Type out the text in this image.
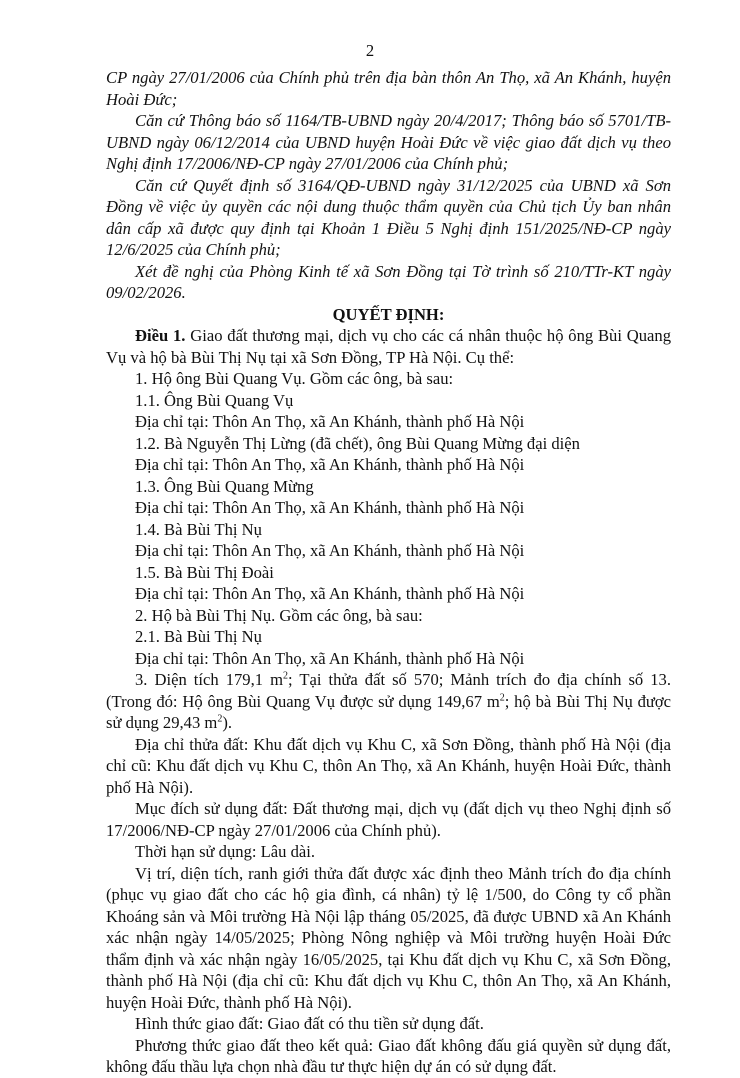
2

CP ngày 27/01/2006 của Chính phủ trên địa bàn thôn An Thọ, xã An Khánh, huyện Hoài Đức;

Căn cứ Thông báo số 1164/TB-UBND ngày 20/4/2017; Thông báo số 5701/TB-UBND ngày 06/12/2014 của UBND huyện Hoài Đức về việc giao đất dịch vụ theo Nghị định 17/2006/NĐ-CP ngày 27/01/2006 của Chính phủ;

Căn cứ Quyết định số 3164/QĐ-UBND ngày 31/12/2025 của UBND xã Sơn Đồng về việc ủy quyền các nội dung thuộc thẩm quyền của Chủ tịch Ủy ban nhân dân cấp xã được quy định tại Khoản 1 Điều 5 Nghị định 151/2025/NĐ-CP ngày 12/6/2025 của Chính phủ;

Xét đề nghị của Phòng Kinh tế xã Sơn Đồng tại Tờ trình số 210/TTr-KT ngày 09/02/2026.

QUYẾT ĐỊNH:

Điều 1. Giao đất thương mại, dịch vụ cho các cá nhân thuộc hộ ông Bùi Quang Vụ và hộ bà Bùi Thị Nụ tại xã Sơn Đồng, TP Hà Nội. Cụ thể:

1. Hộ ông Bùi Quang Vụ. Gồm các ông, bà sau:

1.1. Ông Bùi Quang Vụ

Địa chỉ tại: Thôn An Thọ, xã An Khánh, thành phố Hà Nội

1.2. Bà Nguyễn Thị Lừng (đã chết), ông Bùi Quang Mừng đại diện

Địa chỉ tại: Thôn An Thọ, xã An Khánh, thành phố Hà Nội

1.3. Ông Bùi Quang Mừng

Địa chỉ tại: Thôn An Thọ, xã An Khánh, thành phố Hà Nội

1.4. Bà Bùi Thị Nụ

Địa chỉ tại: Thôn An Thọ, xã An Khánh, thành phố Hà Nội

1.5. Bà Bùi Thị Đoài

Địa chỉ tại: Thôn An Thọ, xã An Khánh, thành phố Hà Nội

2. Hộ bà Bùi Thị Nụ. Gồm các ông, bà sau:

2.1. Bà Bùi Thị Nụ

Địa chỉ tại: Thôn An Thọ, xã An Khánh, thành phố Hà Nội

3. Diện tích 179,1 $m^2$; Tại thửa đất số 570; Mảnh trích đo địa chính số 13. (Trong đó: Hộ ông Bùi Quang Vụ được sử dụng 149,67 $m^2$; hộ bà Bùi Thị Nụ được sử dụng 29,43 $m^2$).

Địa chỉ thửa đất: Khu đất dịch vụ Khu C, xã Sơn Đồng, thành phố Hà Nội (địa chỉ cũ: Khu đất dịch vụ Khu C, thôn An Thọ, xã An Khánh, huyện Hoài Đức, thành phố Hà Nội).

Mục đích sử dụng đất: Đất thương mại, dịch vụ (đất dịch vụ theo Nghị định số 17/2006/NĐ-CP ngày 27/01/2006 của Chính phủ).

Thời hạn sử dụng: Lâu dài.

Vị trí, diện tích, ranh giới thửa đất được xác định theo Mảnh trích đo địa chính (phục vụ giao đất cho các hộ gia đình, cá nhân) tỷ lệ 1/500, do Công ty cổ phần Khoáng sản và Môi trường Hà Nội lập tháng 05/2025, đã được UBND xã An Khánh xác nhận ngày 14/05/2025; Phòng Nông nghiệp và Môi trường huyện Hoài Đức thẩm định và xác nhận ngày 16/05/2025, tại Khu đất dịch vụ Khu C, xã Sơn Đồng, thành phố Hà Nội (địa chỉ cũ: Khu đất dịch vụ Khu C, thôn An Thọ, xã An Khánh, huyện Hoài Đức, thành phố Hà Nội).

Hình thức giao đất: Giao đất có thu tiền sử dụng đất.

Phương thức giao đất theo kết quả: Giao đất không đấu giá quyền sử dụng đất, không đấu thầu lựa chọn nhà đầu tư thực hiện dự án có sử dụng đất.
